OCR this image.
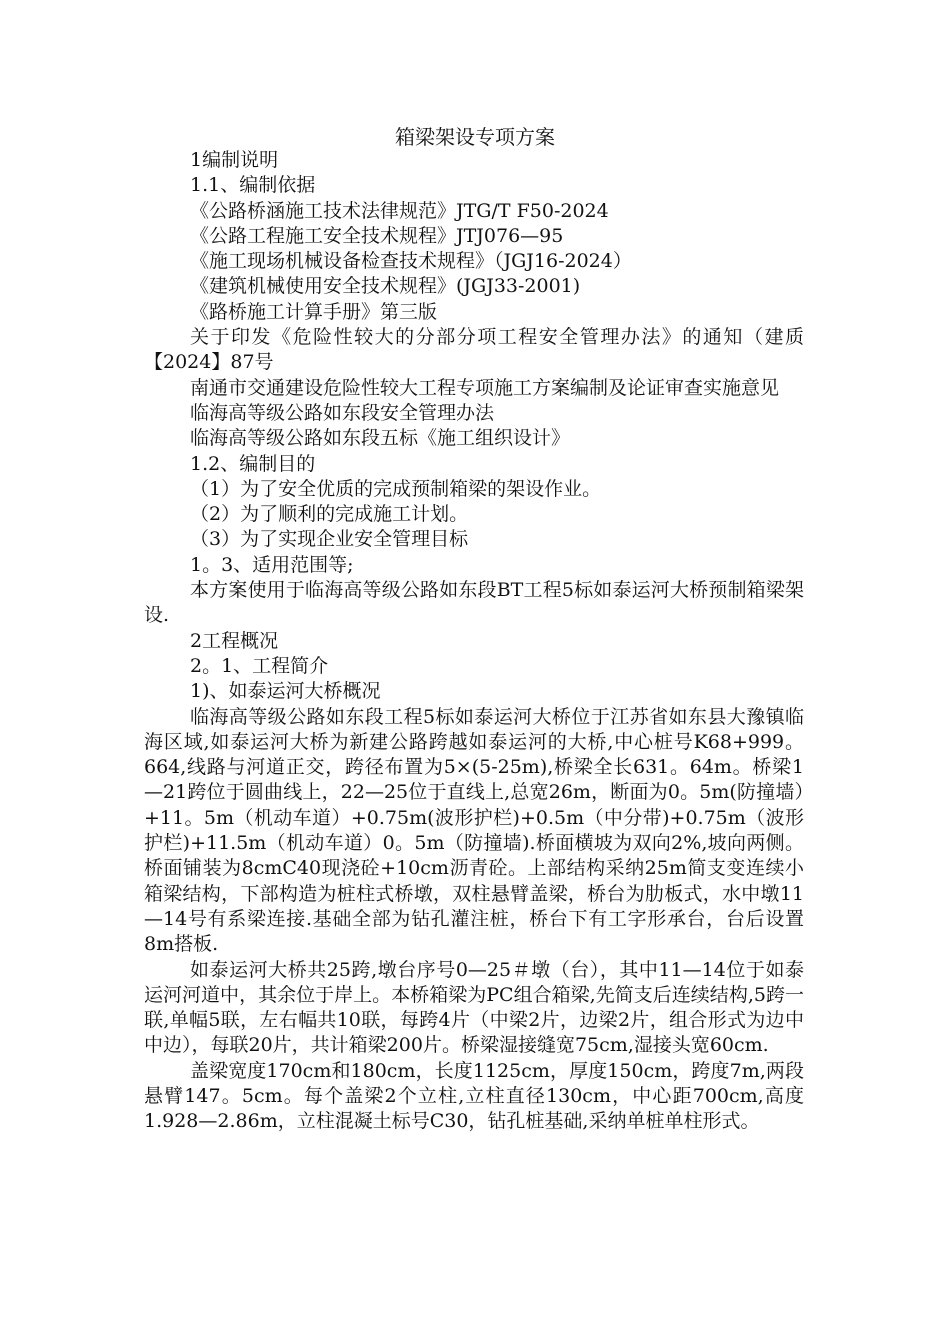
箱梁架设专项方案

1编制说明

1.1、编制依据

《公路桥涵施工技术法律规范》JTG/T F50-2024

《公路工程施工安全技术规程》JTJ076—95

《施工现场机械设备检查技术规程》（JGJ16-2024）

《建筑机械使用安全技术规程》(JGJ33-2001)

《路桥施工计算手册》第三版

关于印发《危险性较大的分部分项工程安全管理办法》的通知（建质【2024】87号

南通市交通建设危险性较大工程专项施工方案编制及论证审查实施意见

临海高等级公路如东段安全管理办法

临海高等级公路如东段五标《施工组织设计》

1.2、编制目的

（1）为了安全优质的完成预制箱梁的架设作业。

（2）为了顺利的完成施工计划。

（3）为了实现企业安全管理目标

1。3、适用范围等;

本方案使用于临海高等级公路如东段BT工程5标如泰运河大桥预制箱梁架设.

2工程概况

2。1、工程简介

1)、如泰运河大桥概况

临海高等级公路如东段工程5标如泰运河大桥位于江苏省如东县大豫镇临海区域,如泰运河大桥为新建公路跨越如泰运河的大桥,中心桩号K68+999。664,线路与河道正交，跨径布置为5×(5-25m),桥梁全长631。64m。桥梁1—21跨位于圆曲线上，22—25位于直线上,总宽26m，断面为0。5m(防撞墙）+11。5m（机动车道）+0.75m(波形护栏)+0.5m（中分带)+0.75m（波形护栏)+11.5m（机动车道）0。5m（防撞墙).桥面横坡为双向2%,坡向两侧。桥面铺装为8cmC40现浇砼+10cm沥青砼。上部结构采纳25m简支变连续小箱梁结构，下部构造为桩柱式桥墩，双柱悬臂盖梁，桥台为肋板式，水中墩11—14号有系梁连接.基础全部为钻孔灌注桩，桥台下有工字形承台，台后设置8m搭板.

如泰运河大桥共25跨,墩台序号0—25＃墩（台），其中11—14位于如泰运河河道中，其余位于岸上。本桥箱梁为PC组合箱梁,先简支后连续结构,5跨一联,单幅5联，左右幅共10联，每跨4片（中梁2片，边梁2片，组合形式为边中中边），每联20片，共计箱梁200片。桥梁湿接缝宽75cm,湿接头宽60cm.

盖梁宽度170cm和180cm，长度1125cm，厚度150cm，跨度7m,两段悬臂147。5cm。每个盖梁2个立柱,立柱直径130cm，中心距700cm,高度1.928—2.86m，立柱混凝土标号C30，钻孔桩基础,采纳单桩单柱形式。
